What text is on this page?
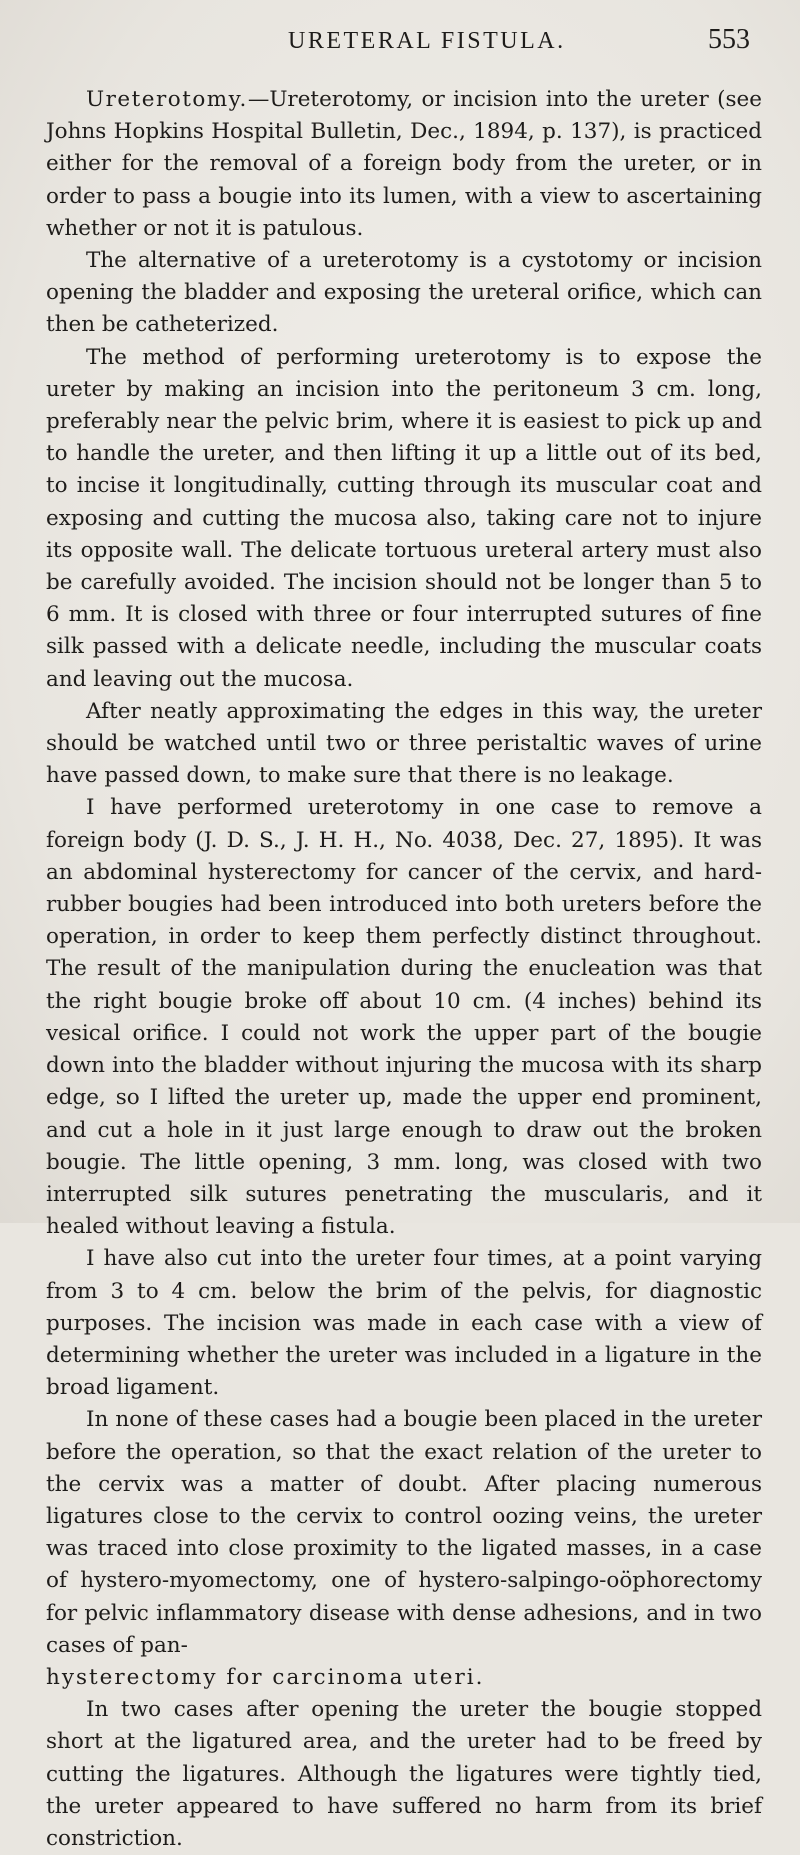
URETERAL FISTULA.	553

Ureterotomy.—Ureterotomy, or incision into the ureter (see Johns Hopkins Hospital Bulletin, Dec., 1894, p. 137), is practiced either for the removal of a foreign body from the ureter, or in order to pass a bougie into its lumen, with a view to ascertaining whether or not it is patulous.

The alternative of a ureterotomy is a cystotomy or incision opening the bladder and exposing the ureteral orifice, which can then be catheterized.

The method of performing ureterotomy is to expose the ureter by making an incision into the peritoneum 3 cm. long, preferably near the pelvic brim, where it is easiest to pick up and to handle the ureter, and then lifting it up a little out of its bed, to incise it longitudinally, cutting through its muscular coat and exposing and cutting the mucosa also, taking care not to injure its opposite wall. The delicate tortuous ureteral artery must also be carefully avoided. The incision should not be longer than 5 to 6 mm. It is closed with three or four interrupted sutures of fine silk passed with a delicate needle, including the muscular coats and leaving out the mucosa.

After neatly approximating the edges in this way, the ureter should be watched until two or three peristaltic waves of urine have passed down, to make sure that there is no leakage.

I have performed ureterotomy in one case to remove a foreign body (J. D. S., J. H. H., No. 4038, Dec. 27, 1895). It was an abdominal hysterectomy for cancer of the cervix, and hard-rubber bougies had been introduced into both ureters before the operation, in order to keep them perfectly distinct throughout. The result of the manipulation during the enucleation was that the right bougie broke off about 10 cm. (4 inches) behind its vesical orifice. I could not work the upper part of the bougie down into the bladder without injuring the mucosa with its sharp edge, so I lifted the ureter up, made the upper end prominent, and cut a hole in it just large enough to draw out the broken bougie. The little opening, 3 mm. long, was closed with two interrupted silk sutures penetrating the muscularis, and it healed without leaving a fistula.

I have also cut into the ureter four times, at a point varying from 3 to 4 cm. below the brim of the pelvis, for diagnostic purposes. The incision was made in each case with a view of determining whether the ureter was included in a ligature in the broad ligament.

In none of these cases had a bougie been placed in the ureter before the operation, so that the exact relation of the ureter to the cervix was a matter of doubt. After placing numerous ligatures close to the cervix to control oozing veins, the ureter was traced into close proximity to the ligated masses, in a case of hystero-myomectomy, one of hystero-salpingo-oöphorectomy for pelvic inflammatory disease with dense adhesions, and in two cases of pan-
hysterectomy for carcinoma uteri.

In two cases after opening the ureter the bougie stopped short at the ligatured area, and the ureter had to be freed by cutting the ligatures. Although the ligatures were tightly tied, the ureter appeared to have suffered no harm from its brief constriction.
